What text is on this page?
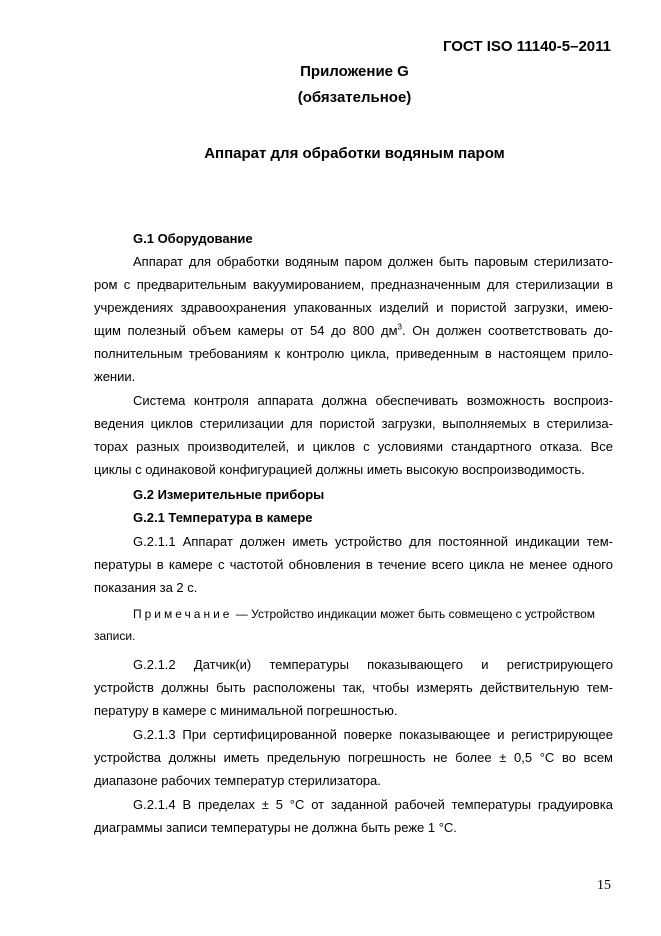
ГОСТ ISO 11140-5–2011
Приложение G
(обязательное)
Аппарат для обработки водяным паром
G.1 Оборудование
Аппарат для обработки водяным паром должен быть паровым стерилизато-
ром с предварительным вакуумированием, предназначенным для стерилизации в
учреждениях здравоохранения упакованных изделий и пористой загрузки, имею-
щим полезный объем камеры от 54 до 800 $дм^3$. Он должен соответствовать до-
полнительным требованиям к контролю цикла, приведенным в настоящем прило-
жении.
Система контроля аппарата должна обеспечивать возможность воспроиз-
ведения циклов стерилизации для пористой загрузки, выполняемых в стерилиза-
торах разных производителей, и циклов с условиями стандартного отказа. Все
циклы с одинаковой конфигурацией должны иметь высокую воспроизводимость.
G.2 Измерительные приборы
G.2.1 Температура в камере
G.2.1.1 Аппарат должен иметь устройство для постоянной индикации тем-
пературы в камере с частотой обновления в течение всего цикла не менее одного
показания за 2 с.
Примечание — Устройство индикации может быть совмещено с устройством
записи.
G.2.1.2 Датчик(и) температуры показывающего и регистрирующего
устройств должны быть расположены так, чтобы измерять действительную тем-
пературу в камере с минимальной погрешностью.
G.2.1.3 При сертифицированной поверке показывающее и регистрирующее
устройства должны иметь предельную погрешность не более ± 0,5 °С во всем
диапазоне рабочих температур стерилизатора.
G.2.1.4 В пределах ± 5 °С от заданной рабочей температуры градуировка
диаграммы записи температуры не должна быть реже 1 °С.
15
